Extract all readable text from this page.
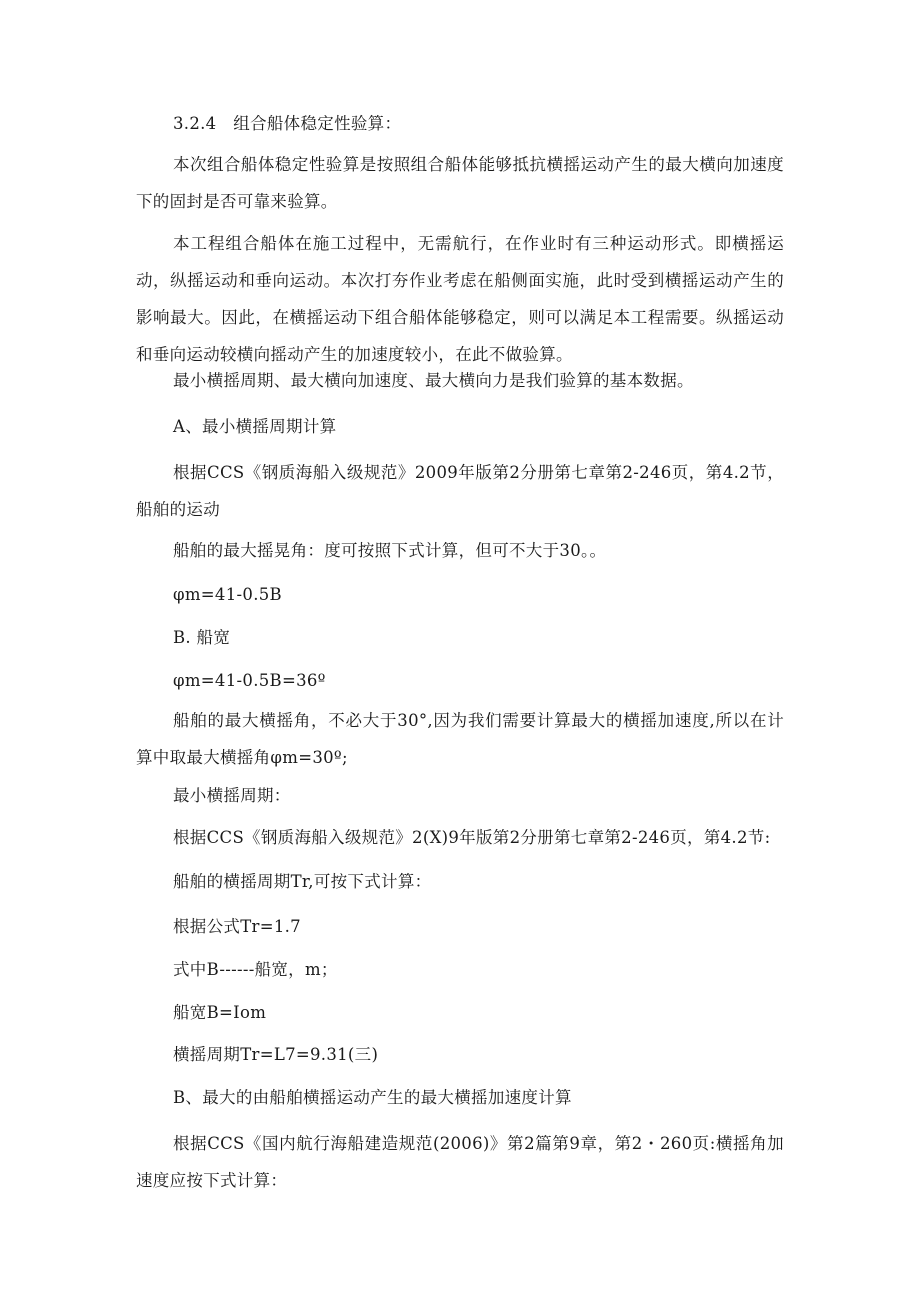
3.2.4　组合船体稳定性验算：
本次组合船体稳定性验算是按照组合船体能够抵抗横摇运动产生的最大横向加速度下的固封是否可靠来验算。
本工程组合船体在施工过程中，无需航行，在作业时有三种运动形式。即横摇运动，纵摇运动和垂向运动。本次打夯作业考虑在船侧面实施，此时受到横摇运动产生的影响最大。因此，在横摇运动下组合船体能够稳定，则可以满足本工程需要。纵摇运动和垂向运动较横向摇动产生的加速度较小，在此不做验算。
最小横摇周期、最大横向加速度、最大横向力是我们验算的基本数据。
A、最小横摇周期计算
根据CCS《钢质海船入级规范》2009年版第2分册第七章第2-246页，第4.2节，船舶的运动
船舶的最大摇晃角：度可按照下式计算，但可不大于30。。
φm=41-0.5B
B. 船宽
φm=41-0.5B=36º
船舶的最大横摇角，不必大于30°,因为我们需要计算最大的横摇加速度,所以在计算中取最大横摇角φm=30º;
最小横摇周期：
根据CCS《钢质海船入级规范》2(X)9年版第2分册第七章第2-246页，第4.2节:
船舶的横摇周期Tr,可按下式计算：
根据公式Tr=1.7
式中B------船宽，m；
船宽B=Iom
横摇周期Tr=L7=9.31(三)
B、最大的由船舶横摇运动产生的最大横摇加速度计算
根据CCS《国内航行海船建造规范(2006)》第2篇第9章，第2・260页:横摇角加速度应按下式计算：
